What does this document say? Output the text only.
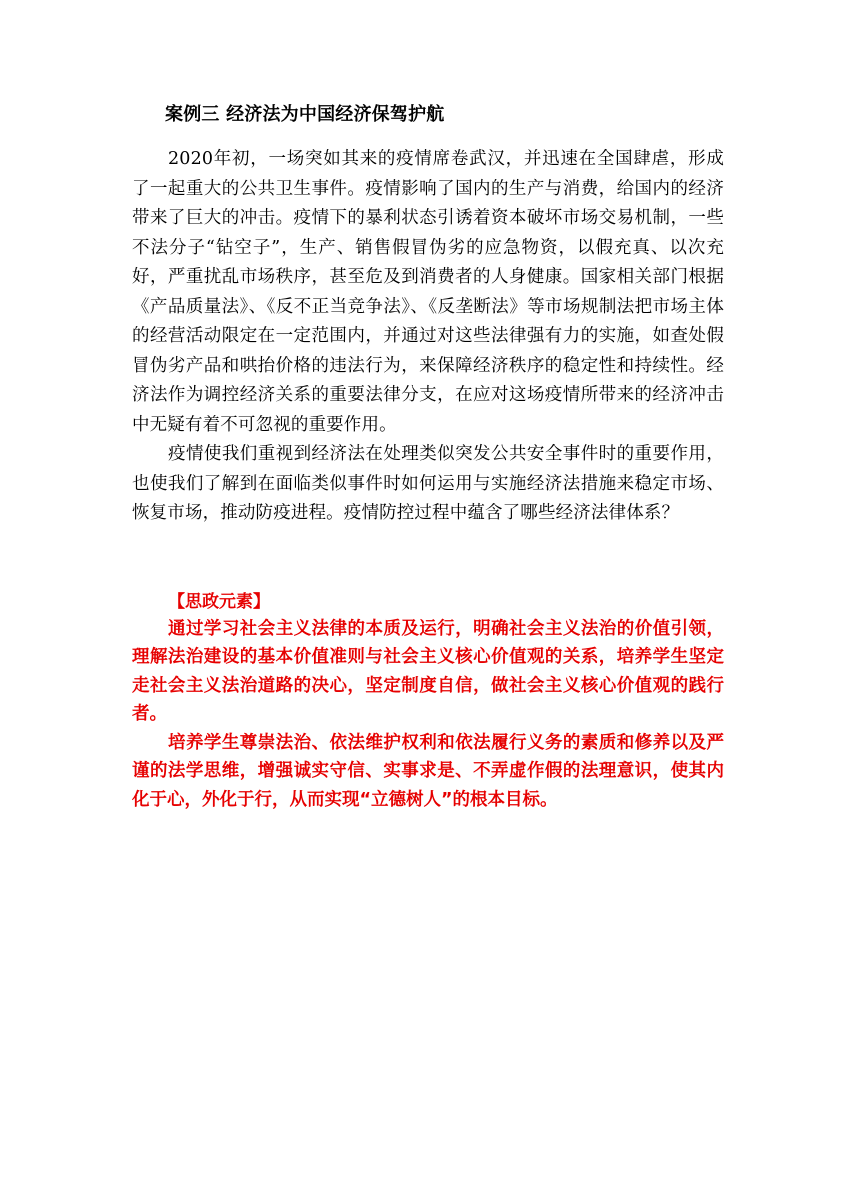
案例三 经济法为中国经济保驾护航

2020年初，一场突如其来的疫情席卷武汉，并迅速在全国肆虐，形成了一起重大的公共卫生事件。疫情影响了国内的生产与消费，给国内的经济带来了巨大的冲击。疫情下的暴利状态引诱着资本破坏市场交易机制，一些不法分子“钻空子”，生产、销售假冒伪劣的应急物资，以假充真、以次充好，严重扰乱市场秩序，甚至危及到消费者的人身健康。国家相关部门根据《产品质量法》、《反不正当竞争法》、《反垄断法》等市场规制法把市场主体的经营活动限定在一定范围内，并通过对这些法律强有力的实施，如查处假冒伪劣产品和哄抬价格的违法行为，来保障经济秩序的稳定性和持续性。经济法作为调控经济关系的重要法律分支，在应对这场疫情所带来的经济冲击中无疑有着不可忽视的重要作用。

疫情使我们重视到经济法在处理类似突发公共安全事件时的重要作用，也使我们了解到在面临类似事件时如何运用与实施经济法措施来稳定市场、恢复市场，推动防疫进程。疫情防控过程中蕴含了哪些经济法律体系？

【思政元素】

通过学习社会主义法律的本质及运行，明确社会主义法治的价值引领，理解法治建设的基本价值准则与社会主义核心价值观的关系，培养学生坚定走社会主义法治道路的决心，坚定制度自信，做社会主义核心价值观的践行者。

培养学生尊崇法治、依法维护权利和依法履行义务的素质和修养以及严谨的法学思维，增强诚实守信、实事求是、不弄虚作假的法理意识，使其内化于心，外化于行，从而实现“立德树人”的根本目标。
